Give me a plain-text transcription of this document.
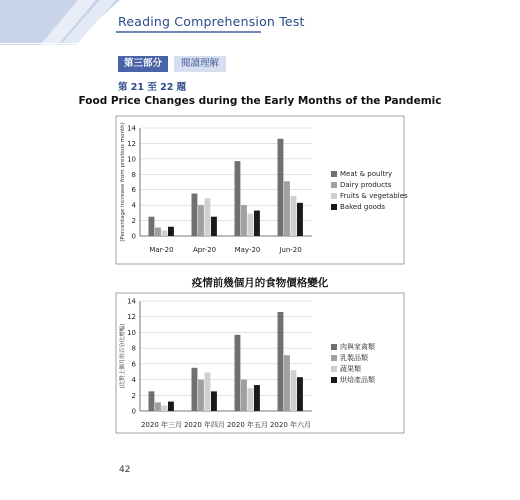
Reading Comprehension Test
第三部分	閱讀理解
第 21 至 22 題
Food Price Changes during the Early Months of the Pandemic
0
2
4
6
8
10
12
14
(Percentage increase from previous month)
Mar-20	Apr-20	May-20	Jun-20
Meat & poultry
Dairy products
Fruits & vegetables
Baked goods
疫情前幾個月的食物價格變化
0
2
4
6
8
10
12
14
(比對上個月的百分比增幅)
2020 年三月 2020 年四月 2020 年五月 2020 年六月
肉與家禽類
乳製品類
蔬果類
烘焙產品類
42
